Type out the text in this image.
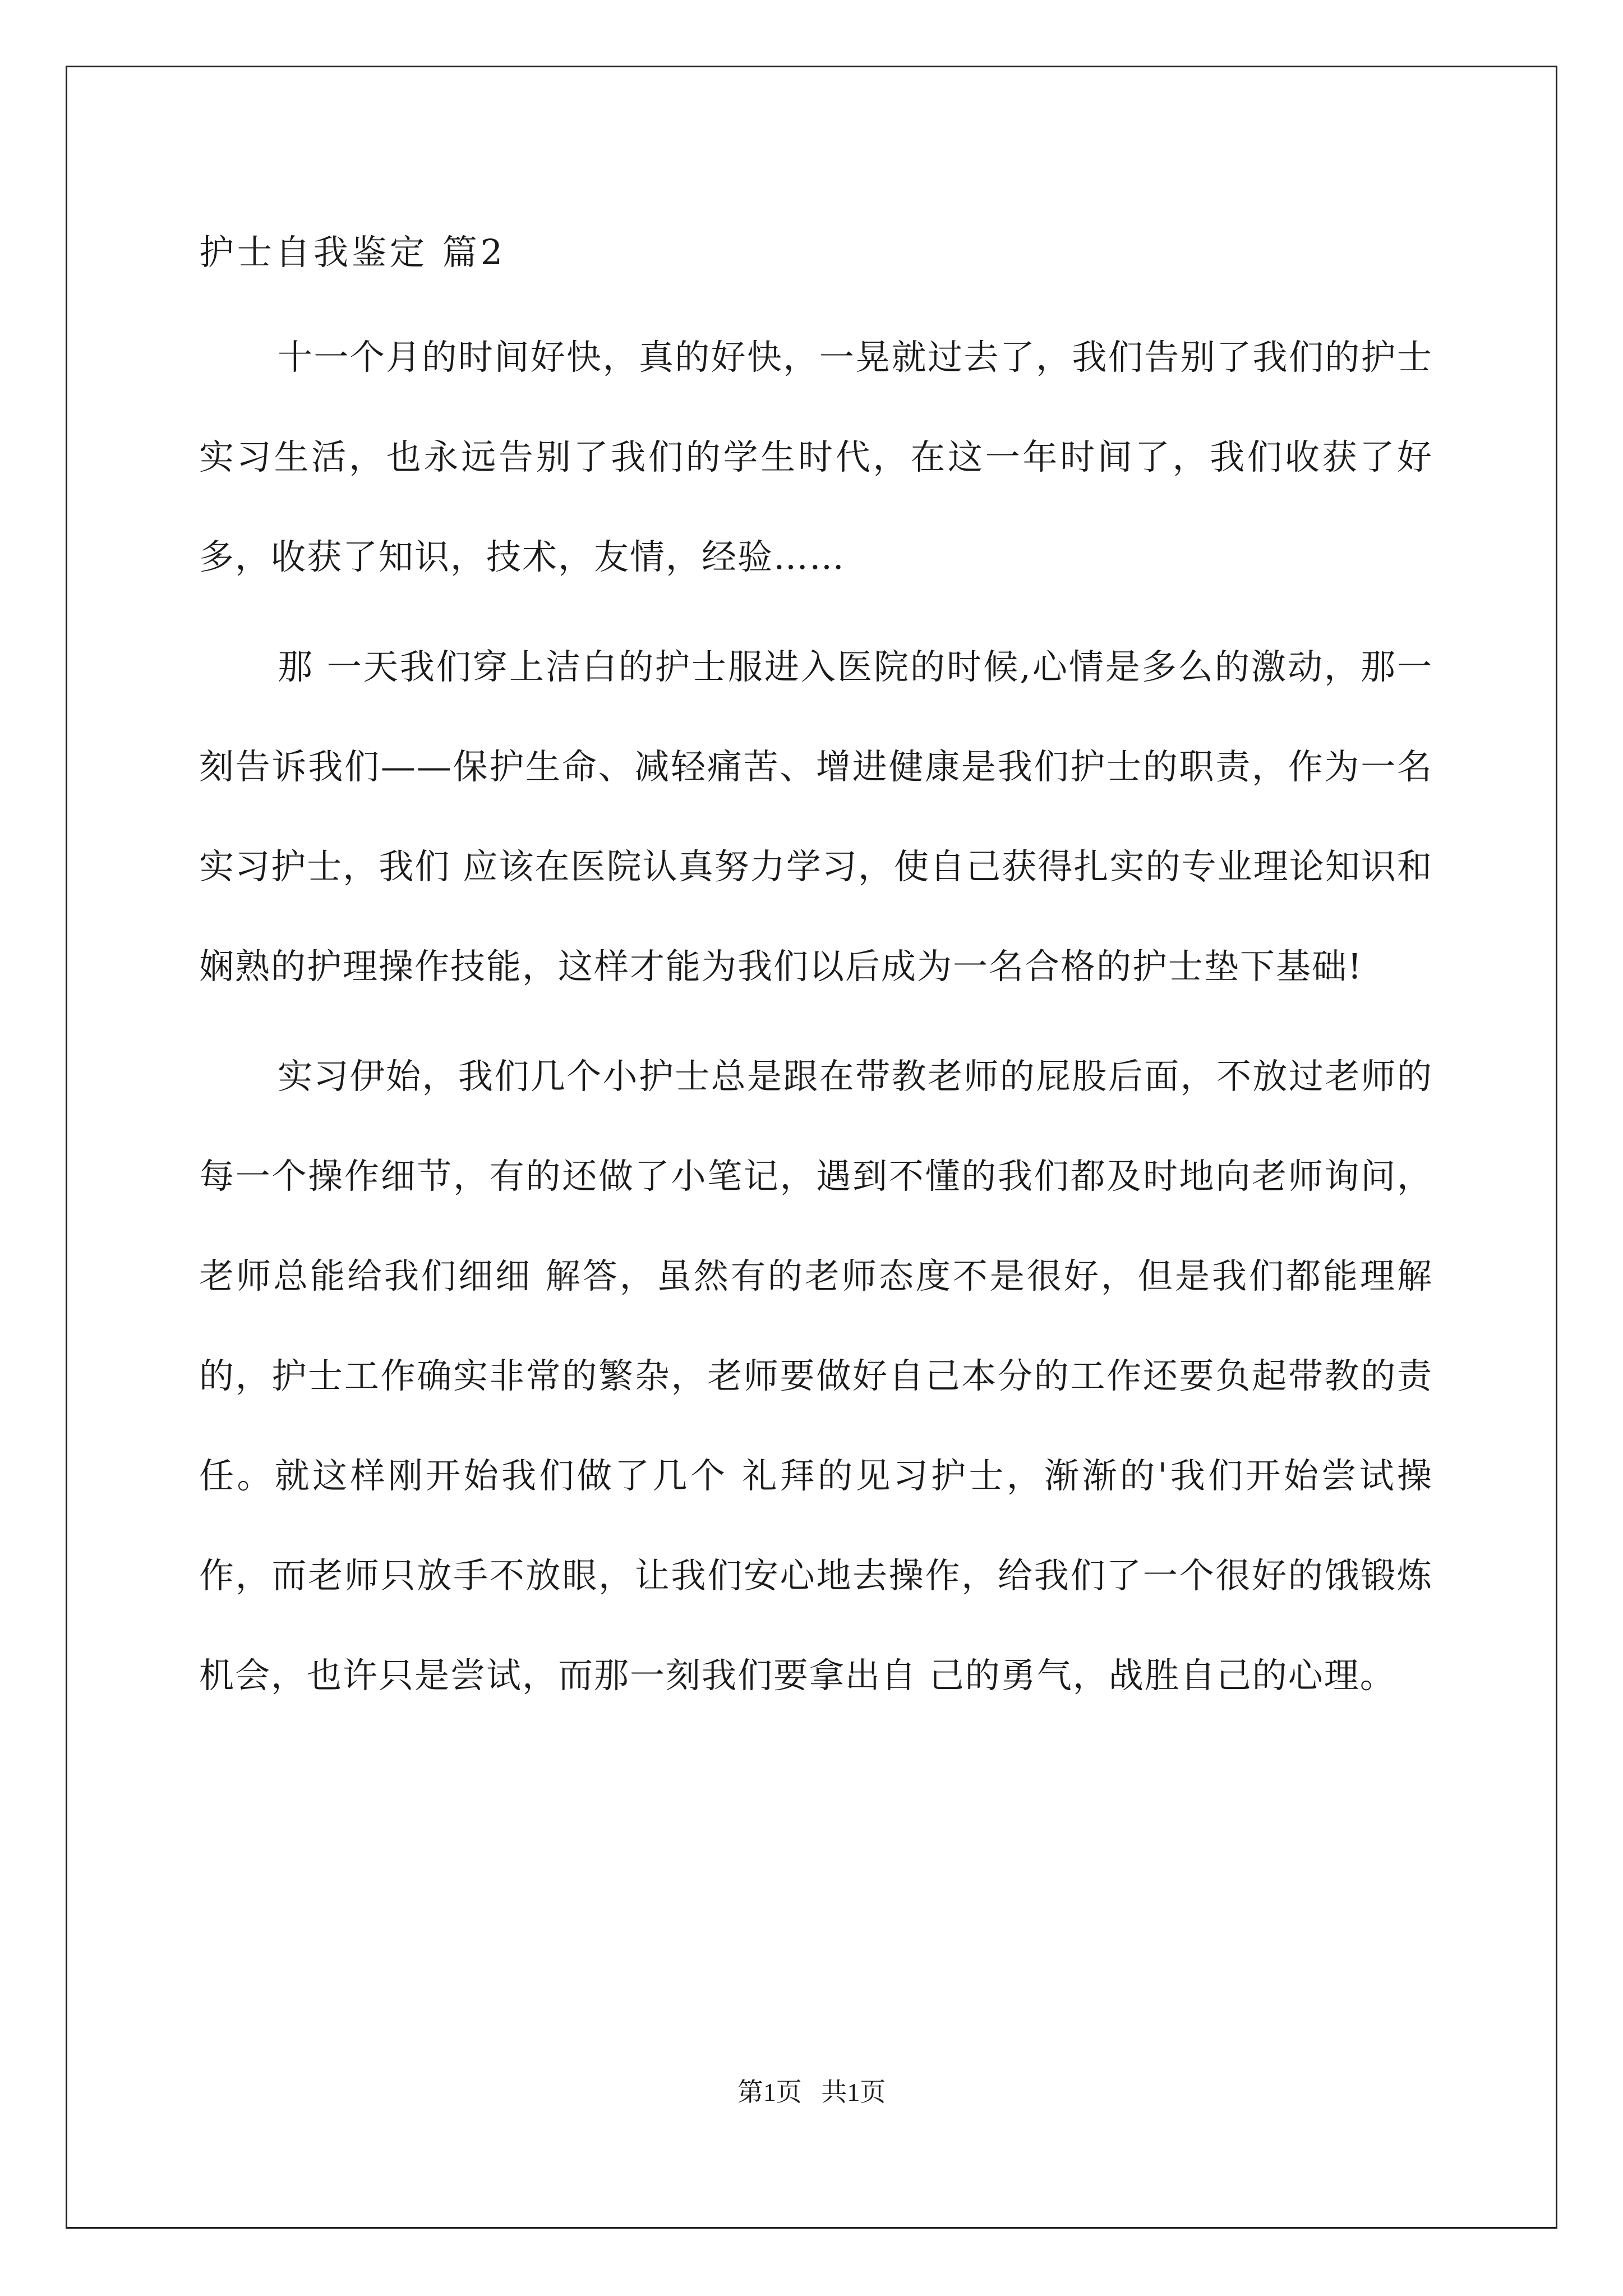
护士自我鉴定 篇2

十一个月的时间好快，真的好快，一晃就过去了，我们告别了我们的护士实习生活，也永远告别了我们的学生时代，在这一年时间了，我们收获了好多，收获了知识，技术，友情，经验……

那 一天我们穿上洁白的护士服进入医院的时候,心情是多么的激动，那一刻告诉我们——保护生命、减轻痛苦、增进健康是我们护士的职责，作为一名实习护士，我们 应该在医院认真努力学习，使自己获得扎实的专业理论知识和娴熟的护理操作技能，这样才能为我们以后成为一名合格的护士垫下基础!

实习伊始，我们几个小护士总是跟在带教老师的屁股后面，不放过老师的每一个操作细节，有的还做了小笔记，遇到不懂的我们都及时地向老师询问，老师总能给我们细细 解答，虽然有的老师态度不是很好，但是我们都能理解的，护士工作确实非常的繁杂，老师要做好自己本分的工作还要负起带教的责任。就这样刚开始我们做了几个 礼拜的见习护士，渐渐的'我们开始尝试操作，而老师只放手不放眼，让我们安心地去操作，给我们了一个很好的饿锻炼机会，也许只是尝试，而那一刻我们要拿出自 己的勇气，战胜自己的心理。

第1页   共1页
